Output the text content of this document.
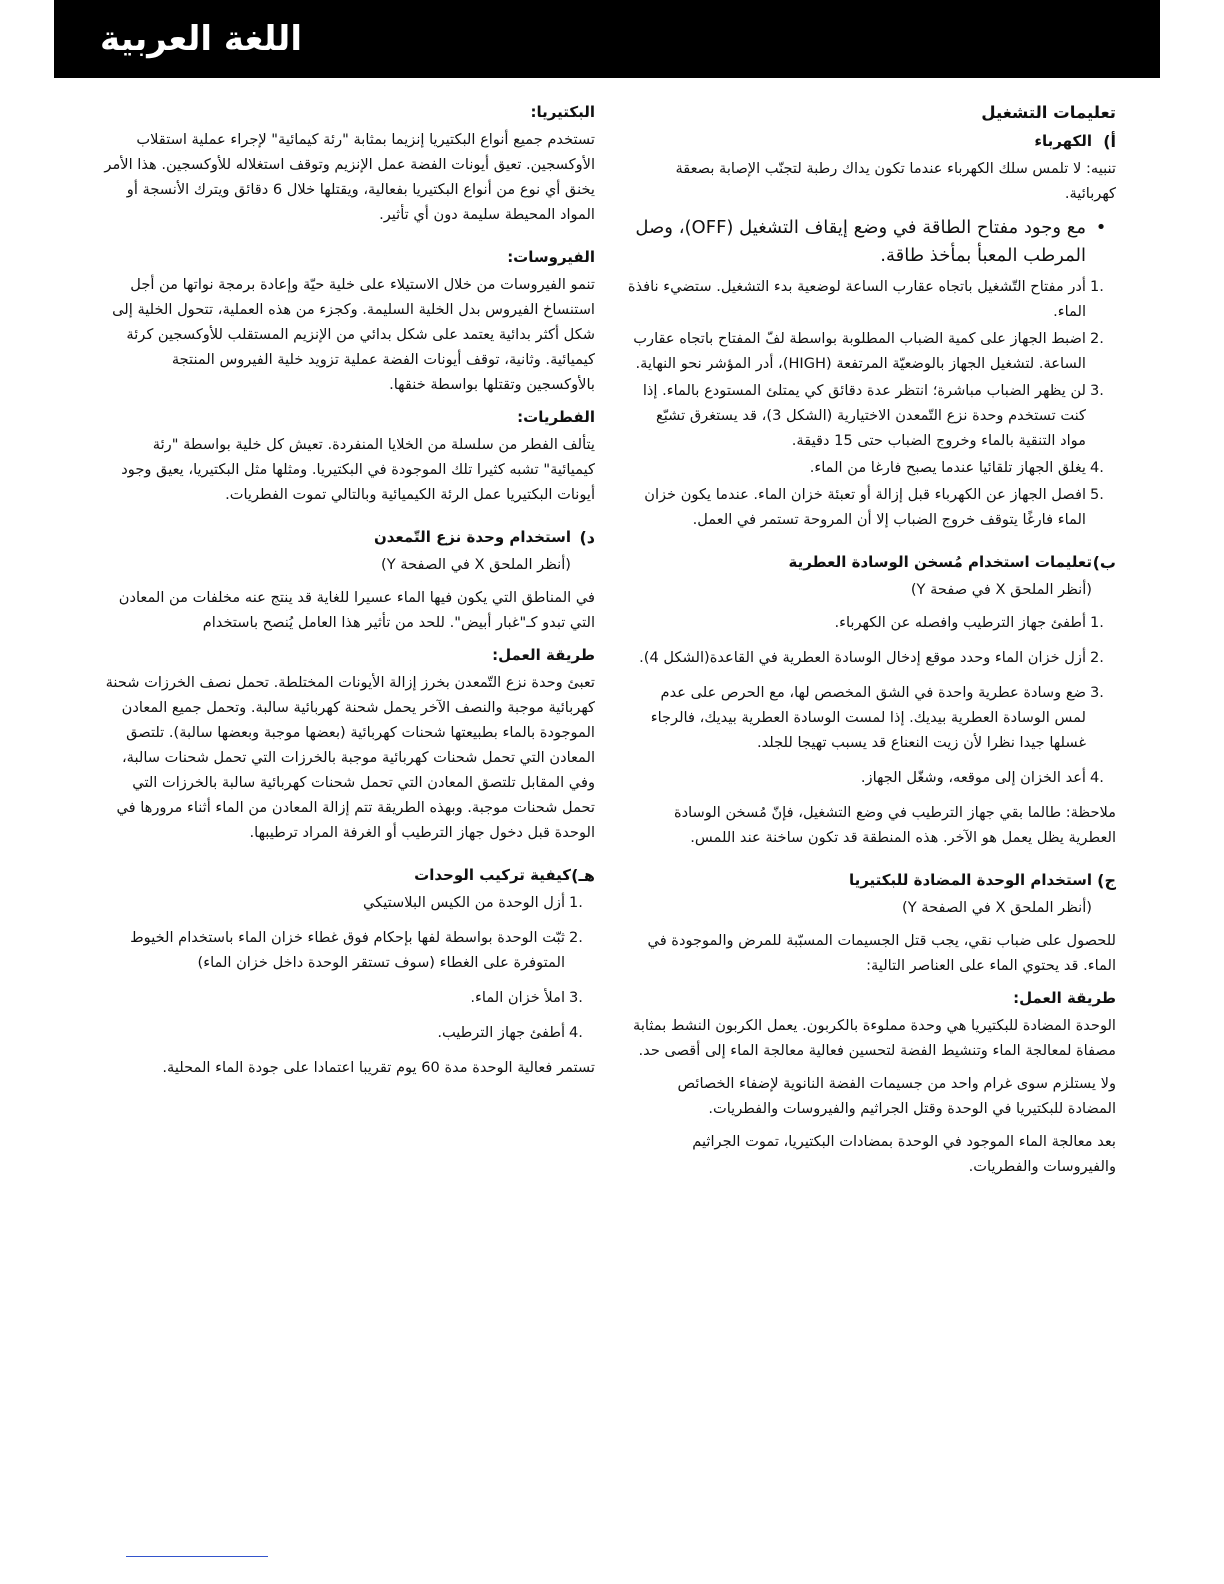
اللغة العربية
تعليمات التشغيل
أ)
الكهرباء

تنبيه: لا تلمس سلك الكهرباء عندما تكون يداك رطبة لتجنّب الإصابة بصعقة كهربائية.

•
مع وجود مفتاح الطاقة في وضع إيقاف التشغيل (OFF)، وصل المرطب المعبأ بمأخذ طاقة.
1.
أدر مفتاح التّشغيل باتجاه عقارب الساعة لوضعية بدء التشغيل. ستضيء نافذة الماء.
2.
اضبط الجهاز على كمية الضباب المطلوبة بواسطة لفّ المفتاح باتجاه عقارب الساعة. لتشغيل الجهاز بالوضعيّة المرتفعة (HIGH)، أدر المؤشر نحو النهاية.
3.
لن يظهر الضباب مباشرة؛ انتظر عدة دقائق كي يمتلئ المستودع بالماء. إذا كنت تستخدم وحدة نزع التّمعدن الاختيارية (الشكل 3)، قد يستغرق تشبّع مواد التنقية بالماء وخروج الضباب حتى 15 دقيقة.
4.
يغلق الجهاز تلقائيا عندما يصبح فارغا من الماء.
5.
افصل الجهاز عن الكهرباء قبل إزالة أو تعبئة خزان الماء. عندما يكون خزان الماء فارغًا يتوقف خروج الضباب إلا أن المروحة تستمر في العمل.
ب)
تعليمات استخدام مُسخن الوسادة العطرية

(أنظر الملحق X في صفحة Y)

1.
أطفئ جهاز الترطيب وافصله عن الكهرباء.
2.
أزل خزان الماء وحدد موقع إدخال الوسادة العطرية في القاعدة(الشكل 4).
3.
ضع وسادة عطرية واحدة في الشق المخصص لها، مع الحرص على عدم لمس الوسادة العطرية بيديك. إذا لمست الوسادة العطرية بيديك، فالرجاء غسلها جيدا نظرا لأن زيت النعناع قد يسبب تهيجا للجلد.
4.
أعد الخزان إلى موقعه، وشغّل الجهاز.

ملاحظة: طالما بقي جهاز الترطيب في وضع التشغيل، فإنّ مُسخن الوسادة العطرية يظل يعمل هو الآخر. هذه المنطقة قد تكون ساخنة عند اللمس.

ج)
استخدام الوحدة المضادة للبكتيريا

(أنظر الملحق X في الصفحة Y)

للحصول على ضباب نقي، يجب قتل الجسيمات المسبّبة للمرض والموجودة في الماء. قد يحتوي الماء على العناصر التالية:

طريقة العمل:

الوحدة المضادة للبكتيريا هي وحدة مملوءة بالكربون. يعمل الكربون النشط بمثابة مصفاة لمعالجة الماء وتنشيط الفضة لتحسين فعالية معالجة الماء إلى أقصى حد.

ولا يستلزم سوى غرام واحد من جسيمات الفضة النانوية لإضفاء الخصائص المضادة للبكتيريا في الوحدة وقتل الجراثيم والفيروسات والفطريات.

بعد معالجة الماء الموجود في الوحدة بمضادات البكتيريا، تموت الجراثيم والفيروسات والفطريات.

البكتيريا:

تستخدم جميع أنواع البكتيريا إنزيما بمثابة "رئة كيمائية" لإجراء عملية استقلاب الأوكسجين. تعيق أيونات الفضة عمل الإنزيم وتوقف استغلاله للأوكسجين. هذا الأمر يخنق أي نوع من أنواع البكتيريا بفعالية، ويقتلها خلال 6 دقائق ويترك الأنسجة أو المواد المحيطة سليمة دون أي تأثير.

الفيروسات:

تنمو الفيروسات من خلال الاستيلاء على خلية حيّة وإعادة برمجة نواتها من أجل استنساخ الفيروس بدل الخلية السليمة. وكجزء من هذه العملية، تتحول الخلية إلى شكل أكثر بدائية يعتمد على شكل بدائي من الإنزيم المستقلب للأوكسجين كرئة كيميائية. وثانية، توقف أيونات الفضة عملية تزويد خلية الفيروس المنتجة بالأوكسجين وتقتلها بواسطة خنقها.

الفطريات:

يتألف الفطر من سلسلة من الخلايا المنفردة. تعيش كل خلية بواسطة "رئة كيميائية" تشبه كثيرا تلك الموجودة في البكتيريا. ومثلها مثل البكتيريا، يعيق وجود أيونات البكتيريا عمل الرئة الكيميائية وبالتالي تموت الفطريات.

د)
استخدام وحدة نزع التّمعدن

(أنظر الملحق X في الصفحة Y)

في المناطق التي يكون فيها الماء عسيرا للغاية قد ينتج عنه مخلفات من المعادن التي تبدو كـ"غبار أبيض". للحد من تأثير هذا العامل يُنصح باستخدام

طريقة العمل:

تعبئ وحدة نزع التّمعدن بخرز إزالة الأيونات المختلطة. تحمل نصف الخرزات شحنة كهربائية موجبة والنصف الآخر يحمل شحنة كهربائية سالبة. وتحمل جميع المعادن الموجودة بالماء بطبيعتها شحنات كهربائية (بعضها موجبة وبعضها سالبة). تلتصق المعادن التي تحمل شحنات كهربائية موجبة بالخرزات التي تحمل شحنات سالبة، وفي المقابل تلتصق المعادن التي تحمل شحنات كهربائية سالبة بالخرزات التي تحمل شحنات موجبة. وبهذه الطريقة تتم إزالة المعادن من الماء أثناء مرورها في الوحدة قبل دخول جهاز الترطيب أو الغرفة المراد ترطيبها.

هـ)
كيفية تركيب الوحدات
1.
أزل الوحدة من الكيس البلاستيكي
2.
ثبّت الوحدة بواسطة لفها بإحكام فوق غطاء خزان الماء باستخدام الخيوط المتوفرة على الغطاء (سوف تستقر الوحدة داخل خزان الماء)
3.
املأ خزان الماء.
4.
أطفئ جهاز الترطيب.

تستمر فعالية الوحدة مدة 60 يوم تقريبا اعتمادا على جودة الماء المحلية.
